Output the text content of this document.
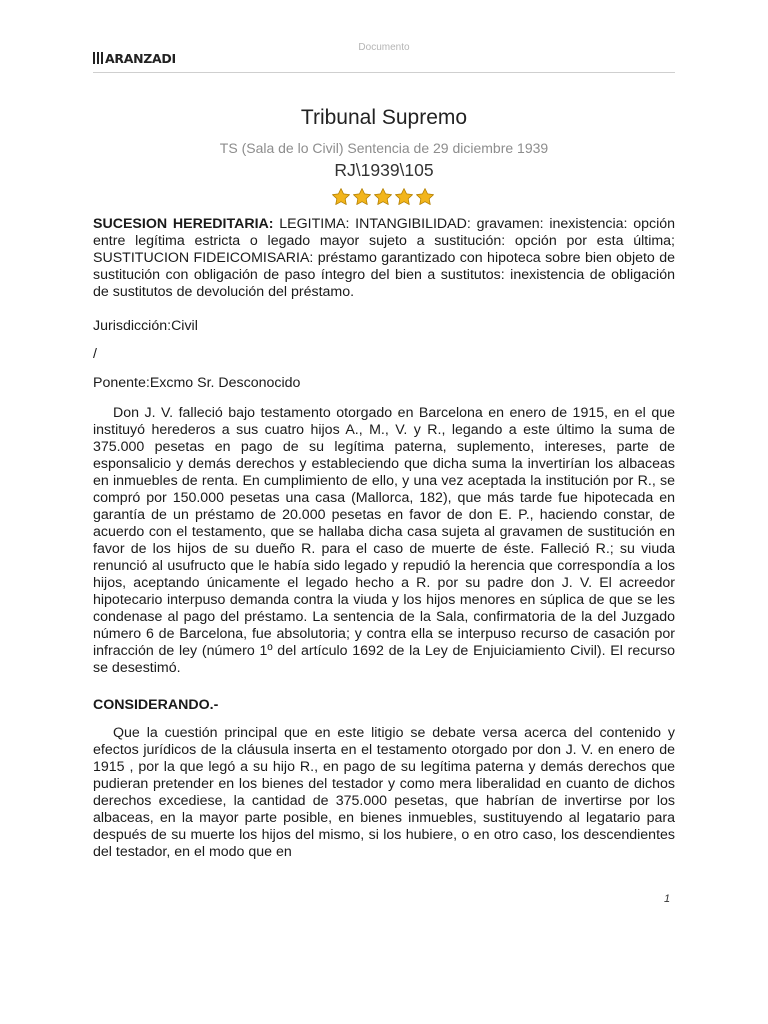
Documento
ARANZADI
Tribunal Supremo
TS (Sala de lo Civil) Sentencia de 29 diciembre 1939
RJ\1939\105

SUCESION HEREDITARIA: LEGITIMA: INTANGIBILIDAD: gravamen: inexistencia: opción entre legítima estricta o legado mayor sujeto a sustitución: opción por esta última; SUSTITUCION FIDEICOMISARIA: préstamo garantizado con hipoteca sobre bien objeto de sustitución con obligación de paso íntegro del bien a sustitutos: inexistencia de obligación de sustitutos de devolución del préstamo.

Jurisdicción:Civil

/

Ponente:Excmo Sr. Desconocido

Don J. V. falleció bajo testamento otorgado en Barcelona en enero de 1915, en el que instituyó herederos a sus cuatro hijos A., M., V. y R., legando a este último la suma de 375.000 pesetas en pago de su legítima paterna, suplemento, intereses, parte de esponsalicio y demás derechos y estableciendo que dicha suma la invertirían los albaceas en inmuebles de renta. En cumplimiento de ello, y una vez aceptada la institución por R., se compró por 150.000 pesetas una casa (Mallorca, 182), que más tarde fue hipotecada en garantía de un préstamo de 20.000 pesetas en favor de don E. P., haciendo constar, de acuerdo con el testamento, que se hallaba dicha casa sujeta al gravamen de sustitución en favor de los hijos de su dueño R. para el caso de muerte de éste. Falleció R.; su viuda renunció al usufructo que le había sido legado y repudió la herencia que correspondía a los hijos, aceptando únicamente el legado hecho a R. por su padre don J. V. El acreedor hipotecario interpuso demanda contra la viuda y los hijos menores en súplica de que se les condenase al pago del préstamo. La sentencia de la Sala, confirmatoria de la del Juzgado número 6 de Barcelona, fue absolutoria; y contra ella se interpuso recurso de casación por infracción de ley (número 1º del artículo 1692 de la Ley de Enjuiciamiento Civil). El recurso se desestimó.

CONSIDERANDO.-

Que la cuestión principal que en este litigio se debate versa acerca del contenido y efectos jurídicos de la cláusula inserta en el testamento otorgado por don J. V. en enero de 1915 , por la que legó a su hijo R., en pago de su legítima paterna y demás derechos que pudieran pretender en los bienes del testador y como mera liberalidad en cuanto de dichos derechos excediese, la cantidad de 375.000 pesetas, que habrían de invertirse por los albaceas, en la mayor parte posible, en bienes inmuebles, sustituyendo al legatario para después de su muerte los hijos del mismo, si los hubiere, o en otro caso, los descendientes del testador, en el modo que en

1
